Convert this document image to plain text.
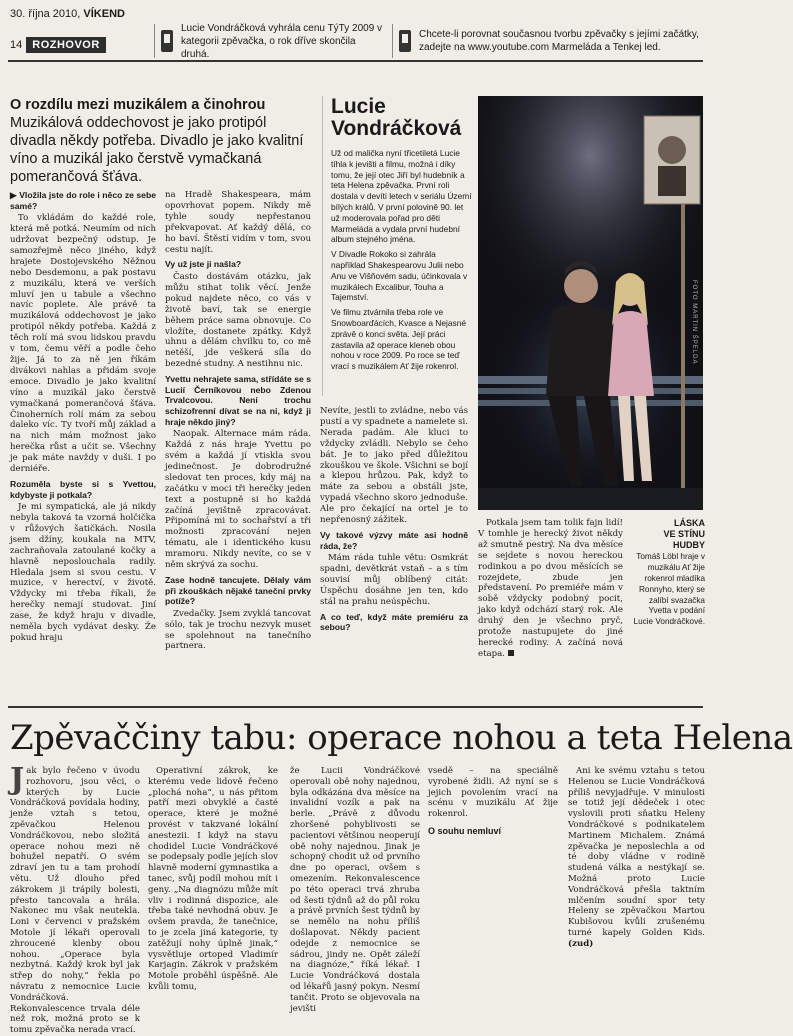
30. října 2010, VÍKEND
14 ROZHOVOR
Lucie Vondráčková vyhrála cenu TýTy 2009 v kategorii zpěvačka, o rok dříve skončila druhá.
Chcete-li porovnat současnou tvorbu zpěvačky s jejími začátky, zadejte na www.youtube.com Marmeláda a Tenkej led.
O rozdílu mezi muzikálem a činohrou Muzikálová oddechovost je jako protipól divadla někdy potřeba. Divadlo je jako kvalitní víno a muzikál jako čerstvě vymačkaná pomerančová šťáva.
▶ Vložila jste do role i něco ze sebe samé?

To vkládám do každé role, která mě potká. Neumím od nich udržovat bezpečný odstup. Je samozřejmě něco jiného, když hrajete Dostojevského Něžnou nebo Desdemonu, a pak postavu z muzikálu, která ve verších mluví jen u tabule a všechno navíc poplete. Ale právě ta muzikálová oddechovost je jako protipól někdy potřeba. Každá z těch rolí má svou lidskou pravdu v tom, čemu věří a podle čeho žije. Já to za ně jen říkám divákovi nahlas a přidám svoje emoce. Divadlo je jako kvalitní víno a muzikál jako čerstvě vymačkaná pomerančová šťáva. Činoherních rolí mám za sebou daleko víc. Ty tvoří můj základ a na nich mám možnost jako herečka růst a učit se. Všechny je pak máte navždy v duši. I po derniéře.

Rozuměla byste si s Yvettou, kdybyste ji potkala?

Je mi sympatická, ale já nikdy nebyla taková ta vzorná holčička v růžových šatičkách. Nosila jsem džíny, koukala na MTV, zachraňovala zatoulané kočky a hlavně neposlouchala radily. Hledala jsem si svou cestu. V muzice, v herectví, v životě. Vždycky mi třeba říkali, že herečky nemají studovat. Jiní zase, že když hraju v divadle, neměla bych vydávat desky. Že pokud hraju

na Hradě Shakespeara, mám opovrhovat popem. Nikdy mě tyhle soudy nepřestanou překvapovat. Ať každý dělá, co ho baví. Štěstí vidím v tom, svou cestu najít.

Vy už jste ji našla?

Často dostávám otázku, jak můžu stihat tolik věcí. Jenže pokud najdete něco, co vás v životě baví, tak se energie během práce sama obnovuje. Co vložíte, dostanete zpátky. Když uhnu a dělám chvilku to, co mě netěší, jde veškerá síla do bezedné studny. A nestihnu nic.

Yvettu nehrajete sama, střídáte se s Lucií Černíkovou nebo Zdenou Trvalcovou. Není trochu schizofrenní dívat se na ni, když ji hraje někdo jiný?

Naopak. Alternace mám ráda. Každá z nás hraje Yvettu po svém a každá jí vtiskla svou jedinečnost. Je dobrodružné sledovat ten proces, kdy máj na začátku v moci tři herečky jeden text a postupně si ho každá začíná jevištně zpracovávat. Připomíná mi to sochařství a tři možnosti zpracování nejen tématu, ale i identického kusu mramoru. Nikdy nevíte, co se v něm skrývá za sochu.

Zase hodně tancujete. Dělaly vám při zkouškách nějaké taneční prvky potíže?

Zvedačky. Jsem zvyklá tancovat sólo, tak je trochu nezvyk muset se spolehnout na tanečního partnera.

Lucie Vondráčková
Už od malička nyní třicetiletá Lucie tíhla k jevišti a filmu, možná i díky tomu, že její otec Jiří byl hudebník a teta Helena zpěvačka. První roli dostala v devíti letech v seriálu Území bílých králů. V první polovině 90. let už moderovala pořad pro děti Marmeláda a vydala první hudební album stejného jména.
V Divadle Rokoko si zahrála například Shakespearovu Julii nebo Anu ve Višňovém sadu, účinkovala v muzikálech Excalibur, Touha a Tajemství.
Ve filmu ztvárnila třeba role ve Snowboarďácích, Kvasce a Nejasné zprávě o konci světa. Její práci zastavila až operace kleneb obou nohou v roce 2009. Po roce se teď vrací s muzikálem Ať žije rokenrol.

Nevíte, jestli to zvládne, nebo vás pustí a vy spadnete a namelete si. Nerada padám. Ale kluci to vždycky zvládli. Nebylo se čeho bát. Je to jako před důležitou zkouškou ve škole. Všichni se bojí a klepou hrůzou. Pak, když to máte za sebou a obstáli jste, vypadá všechno skoro jednoduše. Ale pro čekající na ortel je to nepřenosný zážitek.

Vy takové výzvy máte asi hodně ráda, že?

Mám ráda tuhle větu: Osmkrát spadni, devětkrát vstaň – a s tím souvisí můj oblíbený citát: Úspěchu dosáhne jen ten, kdo stál na prahu neúspěchu.

A co teď, když máte premiéru za sebou?
FOTO MARTIN ŠPELDA

Potkala jsem tam tolik fajn lidí! V tomhle je herecký život někdy až smutně pestrý. Na dva měsíce se sejdete s novou hereckou rodinkou a po dvou měsících se rozejdete, zbude jen představení. Po premiéře mám v sobě vždycky podobný pocit, jako když odchází starý rok. Ale druhý den je všechno pryč, protože nastupujete do jiné herecké rodiny. A začíná nová etapa.

LÁSKA
VE STÍNU
HUDBY
Tomáš Löbl hraje v muzikálu Ať žije rokenrol mladíka Ronnyho, který se zalíbí svazačka Yvetta v podání Lucie Vondráčkové.
Zpěvaččiny tabu: operace nohou a teta Helena
J ak bylo řečeno v úvodu rozhovoru, jsou věci, o kterých by Lucie Vondráčková povídala hodiny, jenže vztah s tetou, zpěvačkou Helenou Vondráčkovou, nebo složitá operace nohou mezi ně bohužel nepatří. O svém zdraví jen tu a tam prohodí větu. Už dlouho před zákrokem ji trápily bolesti, přesto tancovala a hrála. Nakonec mu však neutekla. Loni v červenci v pražském Motole jí lékaři operovali zhroucené klenby obou nohou. „Operace byla nezbytná. Každý krok byl jak střep do nohy,“ řekla po návratu z nemocnice Lucie Vondráčková. Rekonvalescence trvala déle než rok, možná proto se k tomu zpěvačka nerada vrací.

Operativní zákrok, ke kterému vede lidově řečeno „plochá noha“, u nás přitom patří mezi obvyklé a časté operace, které je možné provést v takzvané lokální anestezii. I když na stavu chodidel Lucie Vondráčkové se podepsaly podle jejích slov hlavně moderní gymnastika a tanec, svůj podíl mohou mít i geny. „Na diagnózu může mít vliv i rodinná dispozice, ale třeba také nevhodná obuv. Je ovšem pravda, že tanečnice, to je zcela jiná kategorie, ty zatěžují nohy úplně jinak,“ vysvětluje ortoped Vladimír Karjagin. Zákrok v pražském Motole proběhl úspěšně. Ale kvůli tomu,

že Lucii Vondráčkové operovali obě nohy najednou, byla odkázána dva měsíce na invalidní vozík a pak na berle. „Právě z důvodu zhoršené pohyblivosti se pacientovi většinou neoperují obě nohy najednou. Jinak je schopný chodit už od prvního dne po operaci, ovšem s omezením. Rekonvalescence po této operaci trvá zhruba od šesti týdnů až do půl roku a právě prvních šest týdnů by se nemělo na nohu příliš došlapovat. Někdy pacient odejde z nemocnice se sádrou, jindy ne. Opět záleží na diagnóze,“ říká lékař. I Lucie Vondráčková dostala od lékařů jasný pokyn. Nesmí tančit. Proto se objevovala na jevišti

vsedě – na speciálně vyrobené židli. Až nyní se s jejich povolením vrací na scénu v muzikálu Ať žije rokenrol.

O souhu nemluví

Ani ke svému vztahu s tetou Helenou se Lucie Vondráčková příliš nevyjadřuje. V minulosti se totiž její dědeček i otec vyslovili proti sňatku Heleny Vondráčkové s podnikatelem Martinem Michalem. Známá zpěvačka je neposlechla a od té doby vládne v rodině studená válka a nestýkají se. Možná proto Lucie Vondráčková přešla taktním mlčením soudní spor tety Heleny se zpěvačkou Martou Kubišovou kvůli zrušenému turné kapely Golden Kids. (zud)
